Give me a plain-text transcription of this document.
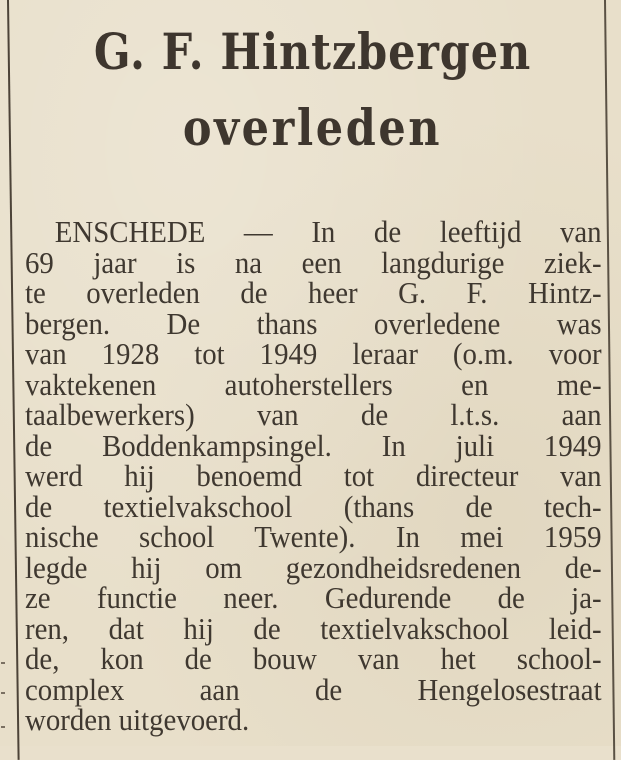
G. F. Hintzbergen
overleden
ENSCHEDE — In de leeftijd van
69 jaar is na een langdurige ziek-
te overleden de heer G. F. Hintz-
bergen. De thans overledene was
van 1928 tot 1949 leraar (o.m. voor
vaktekenen autoherstellers en me-
taalbewerkers) van de l.t.s. aan
de Boddenkampsingel. In juli 1949
werd hij benoemd tot directeur van
de textielvakschool (thans de tech-
nische school Twente). In mei 1959
legde hij om gezondheidsredenen de-
ze functie neer. Gedurende de ja-
ren, dat hij de textielvakschool leid-
de, kon de bouw van het school-
complex aan de Hengelosestraat
worden uitgevoerd.
